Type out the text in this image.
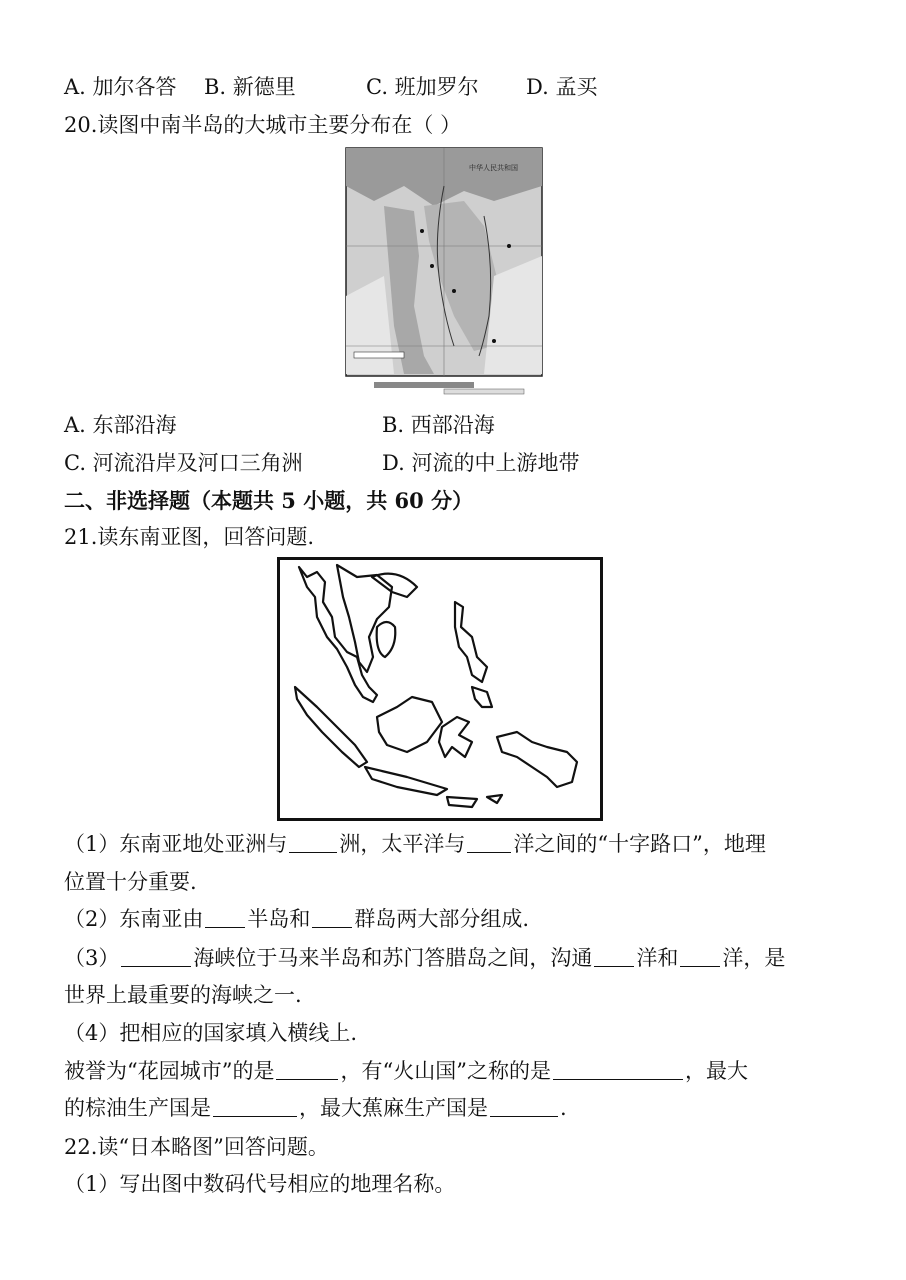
A. 加尔各答 B. 新德里	C. 班加罗尔 D. 孟买
20.读图中南半岛的大城市主要分布在（ ）
中华人民共和国
A. 东部沿海	B. 西部沿海
C. 河流沿岸及河口三角洲	D. 河流的中上游地带
二、非选择题（本题共 5 小题，共 60 分）
21.读东南亚图，回答问题.
（1）东南亚地处亚洲与 洲，太平洋与 洋之间的“十字路口”，地理
位置十分重要.
（2）东南亚由 半岛和 群岛两大部分组成.
（3）	海峡位于马来半岛和苏门答腊岛之间，沟通 洋和 洋，是
世界上最重要的海峡之一.
（4）把相应的国家填入横线上.
被誉为“花园城市”的是	，有“火山国”之称的是	，最大
的棕油生产国是	，最大蕉麻生产国是	.
22.读“日本略图”回答问题。
（1）写出图中数码代号相应的地理名称。
